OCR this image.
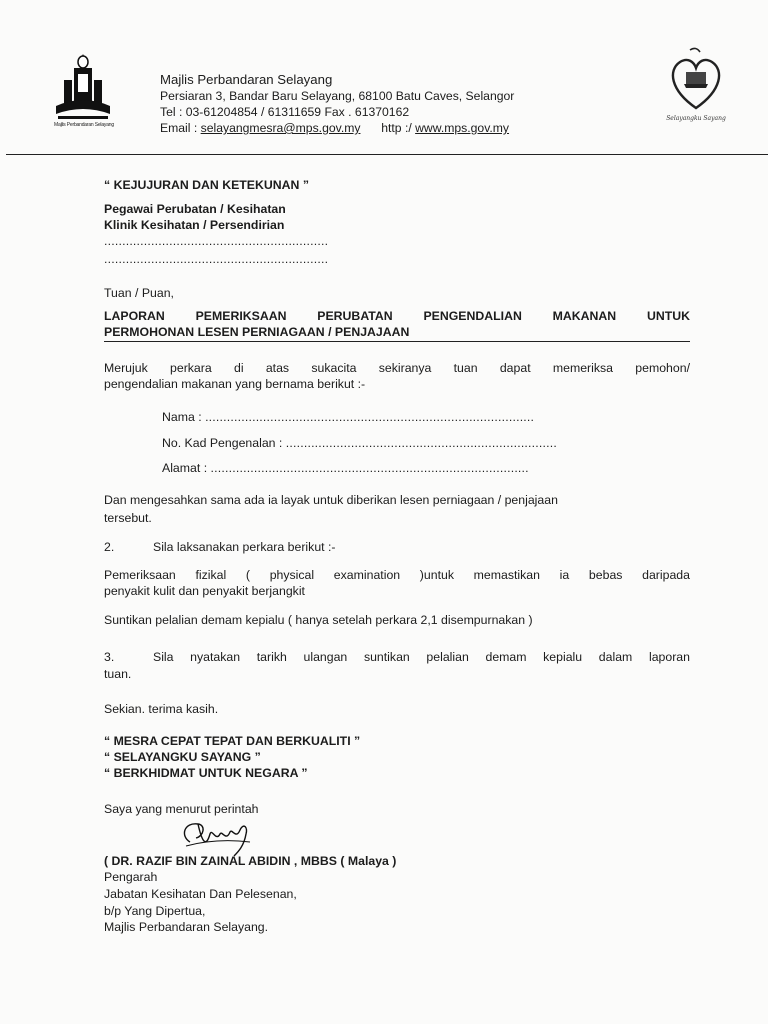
Majlis Perbandaran Selayang
Majlis Perbandaran Selayang
Persiaran 3, Bandar Baru Selayang, 68100 Batu Caves, Selangor
Tel : 03-61204854 / 61311659 Fax . 61370162
Email : selayangmesra@mps.gov.my http :/ www.mps.gov.my
Selayangku Sayang
“ KEJUJURAN DAN KETEKUNAN ”
Pegawai Perubatan / Kesihatan
Klinik Kesihatan / Persendirian
..............................................................
..............................................................
Tuan / Puan,
LAPORAN PEMERIKSAAN PERUBATAN PENGENDALIAN MAKANAN UNTUK
PERMOHONAN LESEN PERNIAGAAN / PENJAJAAN
Merujuk perkara di atas sukacita sekiranya tuan dapat memeriksa pemohon/
pengendalian makanan yang bernama berikut :-
Nama : ...........................................................................................
No. Kad Pengenalan : ...........................................................................
Alamat : ........................................................................................
Dan mengesahkan sama ada ia layak untuk diberikan lesen perniagaan / penjajaan
tersebut.
2.	Sila laksanakan perkara berikut :-
Pemeriksaan fizikal ( physical examination )untuk memastikan ia bebas daripada
penyakit kulit dan penyakit berjangkit
Suntikan pelalian demam kepialu ( hanya setelah perkara 2,1 disempurnakan )
3.	Sila nyatakan tarikh ulangan suntikan pelalian demam kepialu dalam laporan
tuan.
Sekian. terima kasih.
“ MESRA CEPAT TEPAT DAN BERKUALITI ”
“ SELAYANGKU SAYANG ”
“ BERKHIDMAT UNTUK NEGARA ”
Saya yang menurut perintah
( DR. RAZIF BIN ZAINAL ABIDIN , MBBS ( Malaya )
Pengarah
Jabatan Kesihatan Dan Pelesenan,
b/p Yang Dipertua,
Majlis Perbandaran Selayang.
